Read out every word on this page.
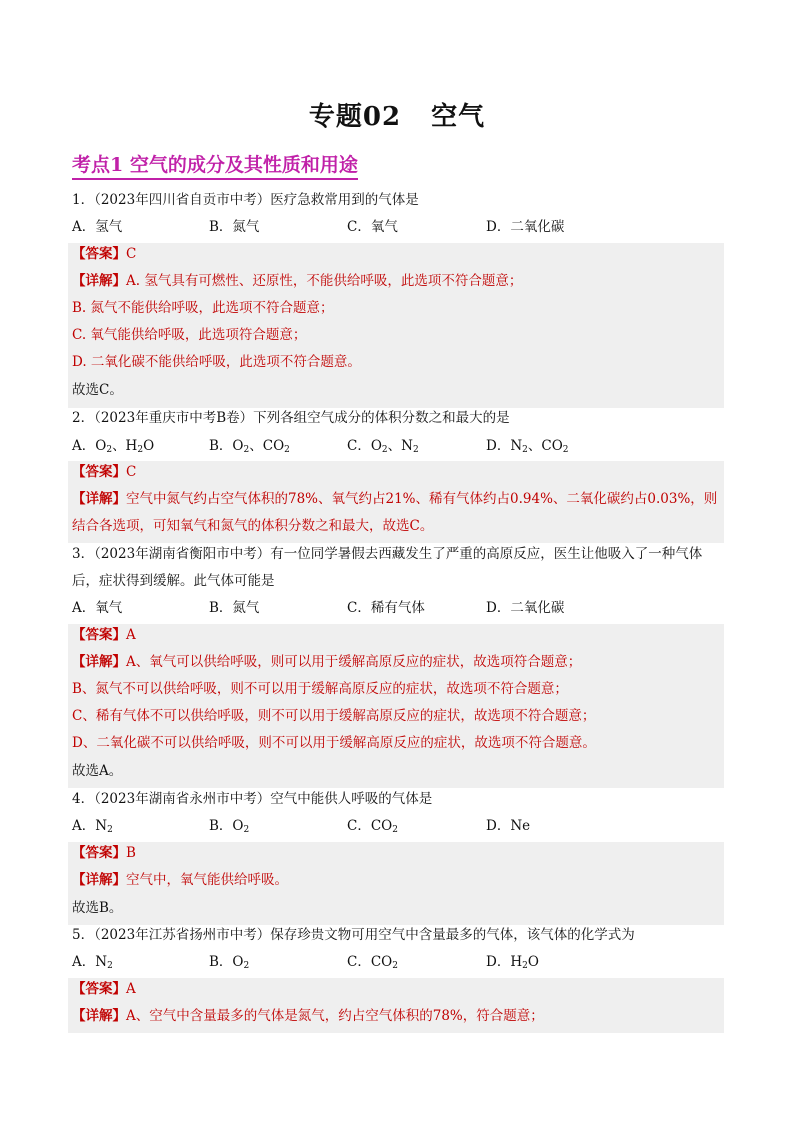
专题02 空气
考点1 空气的成分及其性质和用途
1．（2023年四川省自贡市中考）医疗急救常用到的气体是
A．氢气	B．氮气	C．氧气	D．二氧化碳
【答案】C
【详解】A. 氢气具有可燃性、还原性，不能供给呼吸，此选项不符合题意；
B. 氮气不能供给呼吸，此选项不符合题意；
C. 氧气能供给呼吸，此选项符合题意；
D. 二氧化碳不能供给呼吸，此选项不符合题意。
故选C。
2．（2023年重庆市中考B卷）下列各组空气成分的体积分数之和最大的是
A．$O_2$、$H_2O$	B．$O_2$、$CO_2$	C．$O_2$、$N_2$	D．$N_2$、$CO_2$
【答案】C
【详解】空气中氮气约占空气体积的78%、氧气约占21%、稀有气体约占0.94%、二氧化碳约占0.03%，则
结合各选项，可知氧气和氮气的体积分数之和最大，故选C。
3．（2023年湖南省衡阳市中考）有一位同学暑假去西藏发生了严重的高原反应，医生让他吸入了一种气体
后，症状得到缓解。此气体可能是
A．氧气	B．氮气	C．稀有气体	D．二氧化碳
【答案】A
【详解】A、氧气可以供给呼吸，则可以用于缓解高原反应的症状，故选项符合题意；
B、氮气不可以供给呼吸，则不可以用于缓解高原反应的症状，故选项不符合题意；
C、稀有气体不可以供给呼吸，则不可以用于缓解高原反应的症状，故选项不符合题意；
D、二氧化碳不可以供给呼吸，则不可以用于缓解高原反应的症状，故选项不符合题意。
故选A。
4．（2023年湖南省永州市中考）空气中能供人呼吸的气体是
A．$N_2$	B．$O_2$	C．$CO_2$	D．Ne
【答案】B
【详解】空气中，氧气能供给呼吸。
故选B。
5．（2023年江苏省扬州市中考）保存珍贵文物可用空气中含量最多的气体，该气体的化学式为
A．$N_2$	B．$O_2$	C．$CO_2$	D．$H_2O$
【答案】A
【详解】A、空气中含量最多的气体是氮气，约占空气体积的78%，符合题意；
